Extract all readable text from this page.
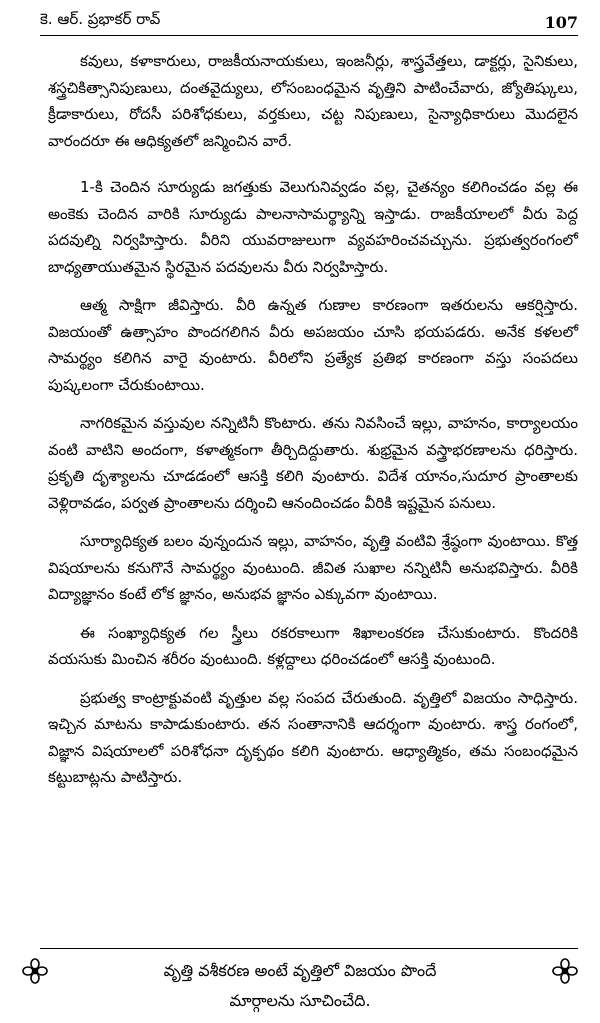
కె. ఆర్. ప్రభాకర్ రావ్	107

కవులు, కళాకారులు, రాజకీయనాయకులు, ఇంజనీర్లు, శాస్త్రవేత్తలు, డాక్టర్లు, సైనికులు, శస్త్రచికిత్సానిపుణులు, దంతవైద్యులు, లోసంబంధమైన వృత్తిని పాటించేవారు, జ్యోతిష్కులు, క్రీడాకారులు, రోదసీ పరిశోధకులు, వర్తకులు, చట్ట నిపుణులు, సైన్యాధికారులు మొదలైన వారందరూ ఈ ఆధిక్యతలో జన్మించిన వారే.

1-కి చెందిన సూర్యుడు జగత్తుకు వెలుగునివ్వడం వల్ల, చైతన్యం కలిగించడం వల్ల ఈ అంకెకు చెందిన వారికి సూర్యుడు పాలనాసామర్థ్యాన్ని ఇస్తాడు. రాజకీయాలలో వీరు పెద్ద పదవుల్ని నిర్వహిస్తారు. వీరిని యువరాజులుగా వ్యవహరించవచ్చును. ప్రభుత్వరంగంలో బాధ్యతాయుతమైన స్థిరమైన పదవులను వీరు నిర్వహిస్తారు.

ఆత్మ సాక్షిగా జీవిస్తారు. వీరి ఉన్నత గుణాల కారణంగా ఇతరులను ఆకర్షిస్తారు. విజయంతో ఉత్సాహం పొందగలిగిన వీరు అపజయం చూసి భయపడరు. అనేక కళలలో సామర్థ్యం కలిగిన వారై వుంటారు. వీరిలోని ప్రత్యేక ప్రతిభ కారణంగా వస్తు సంపదలు పుష్కలంగా చేరుకుంటాయి.

నాగరికమైన వస్తువుల నన్నిటినీ కొంటారు. తను నివసించే ఇల్లు, వాహనం, కార్యాలయం వంటి వాటిని అందంగా, కళాత్మకంగా తీర్చిదిద్దుతారు. శుభ్రమైన వస్త్రాభరణాలను ధరిస్తారు. ప్రకృతి దృశ్యాలను చూడడంలో ఆసక్తి కలిగి వుంటారు. విదేశ యానం,సుదూర ప్రాంతాలకు వెళ్లిరావడం, పర్వత ప్రాంతాలను దర్శించి ఆనందించడం వీరికి ఇష్టమైన పనులు.

సూర్యాధిక్యత బలం వున్నందున ఇల్లు, వాహనం, వృత్తి వంటివి శ్రేష్ఠంగా వుంటాయి. కొత్త విషయాలను కనుగొనే సామర్థ్యం వుంటుంది. జీవిత సుఖాల నన్నిటినీ అనుభవిస్తారు. వీరికి విద్యాజ్ఞానం కంటే లోక జ్ఞానం, అనుభవ జ్ఞానం ఎక్కువగా వుంటాయి.

ఈ సంఖ్యాధిక్యత గల స్త్రీలు రకరకాలుగా శిఖాలంకరణ చేసుకుంటారు. కొందరికి వయసుకు మించిన శరీరం వుంటుంది. కళ్లద్దాలు ధరించడంలో ఆసక్తి వుంటుంది.

ప్రభుత్వ కాంట్రాక్టువంటి వృత్తుల వల్ల సంపద చేరుతుంది. వృత్తిలో విజయం సాధిస్తారు. ఇచ్చిన మాటను కాపాడుకుంటారు. తన సంతానానికి ఆదర్శంగా వుంటారు. శాస్త్ర రంగంలో, విజ్ఞాన విషయాలలో పరిశోధనా దృక్పథం కలిగి వుంటారు. ఆధ్యాత్మికం, తమ సంబంధమైన కట్టుబాట్లను పాటిస్తారు.

వృత్తి వశీకరణ అంటే వృత్తిలో విజయం పొందే
మార్గాలను సూచించేది.
